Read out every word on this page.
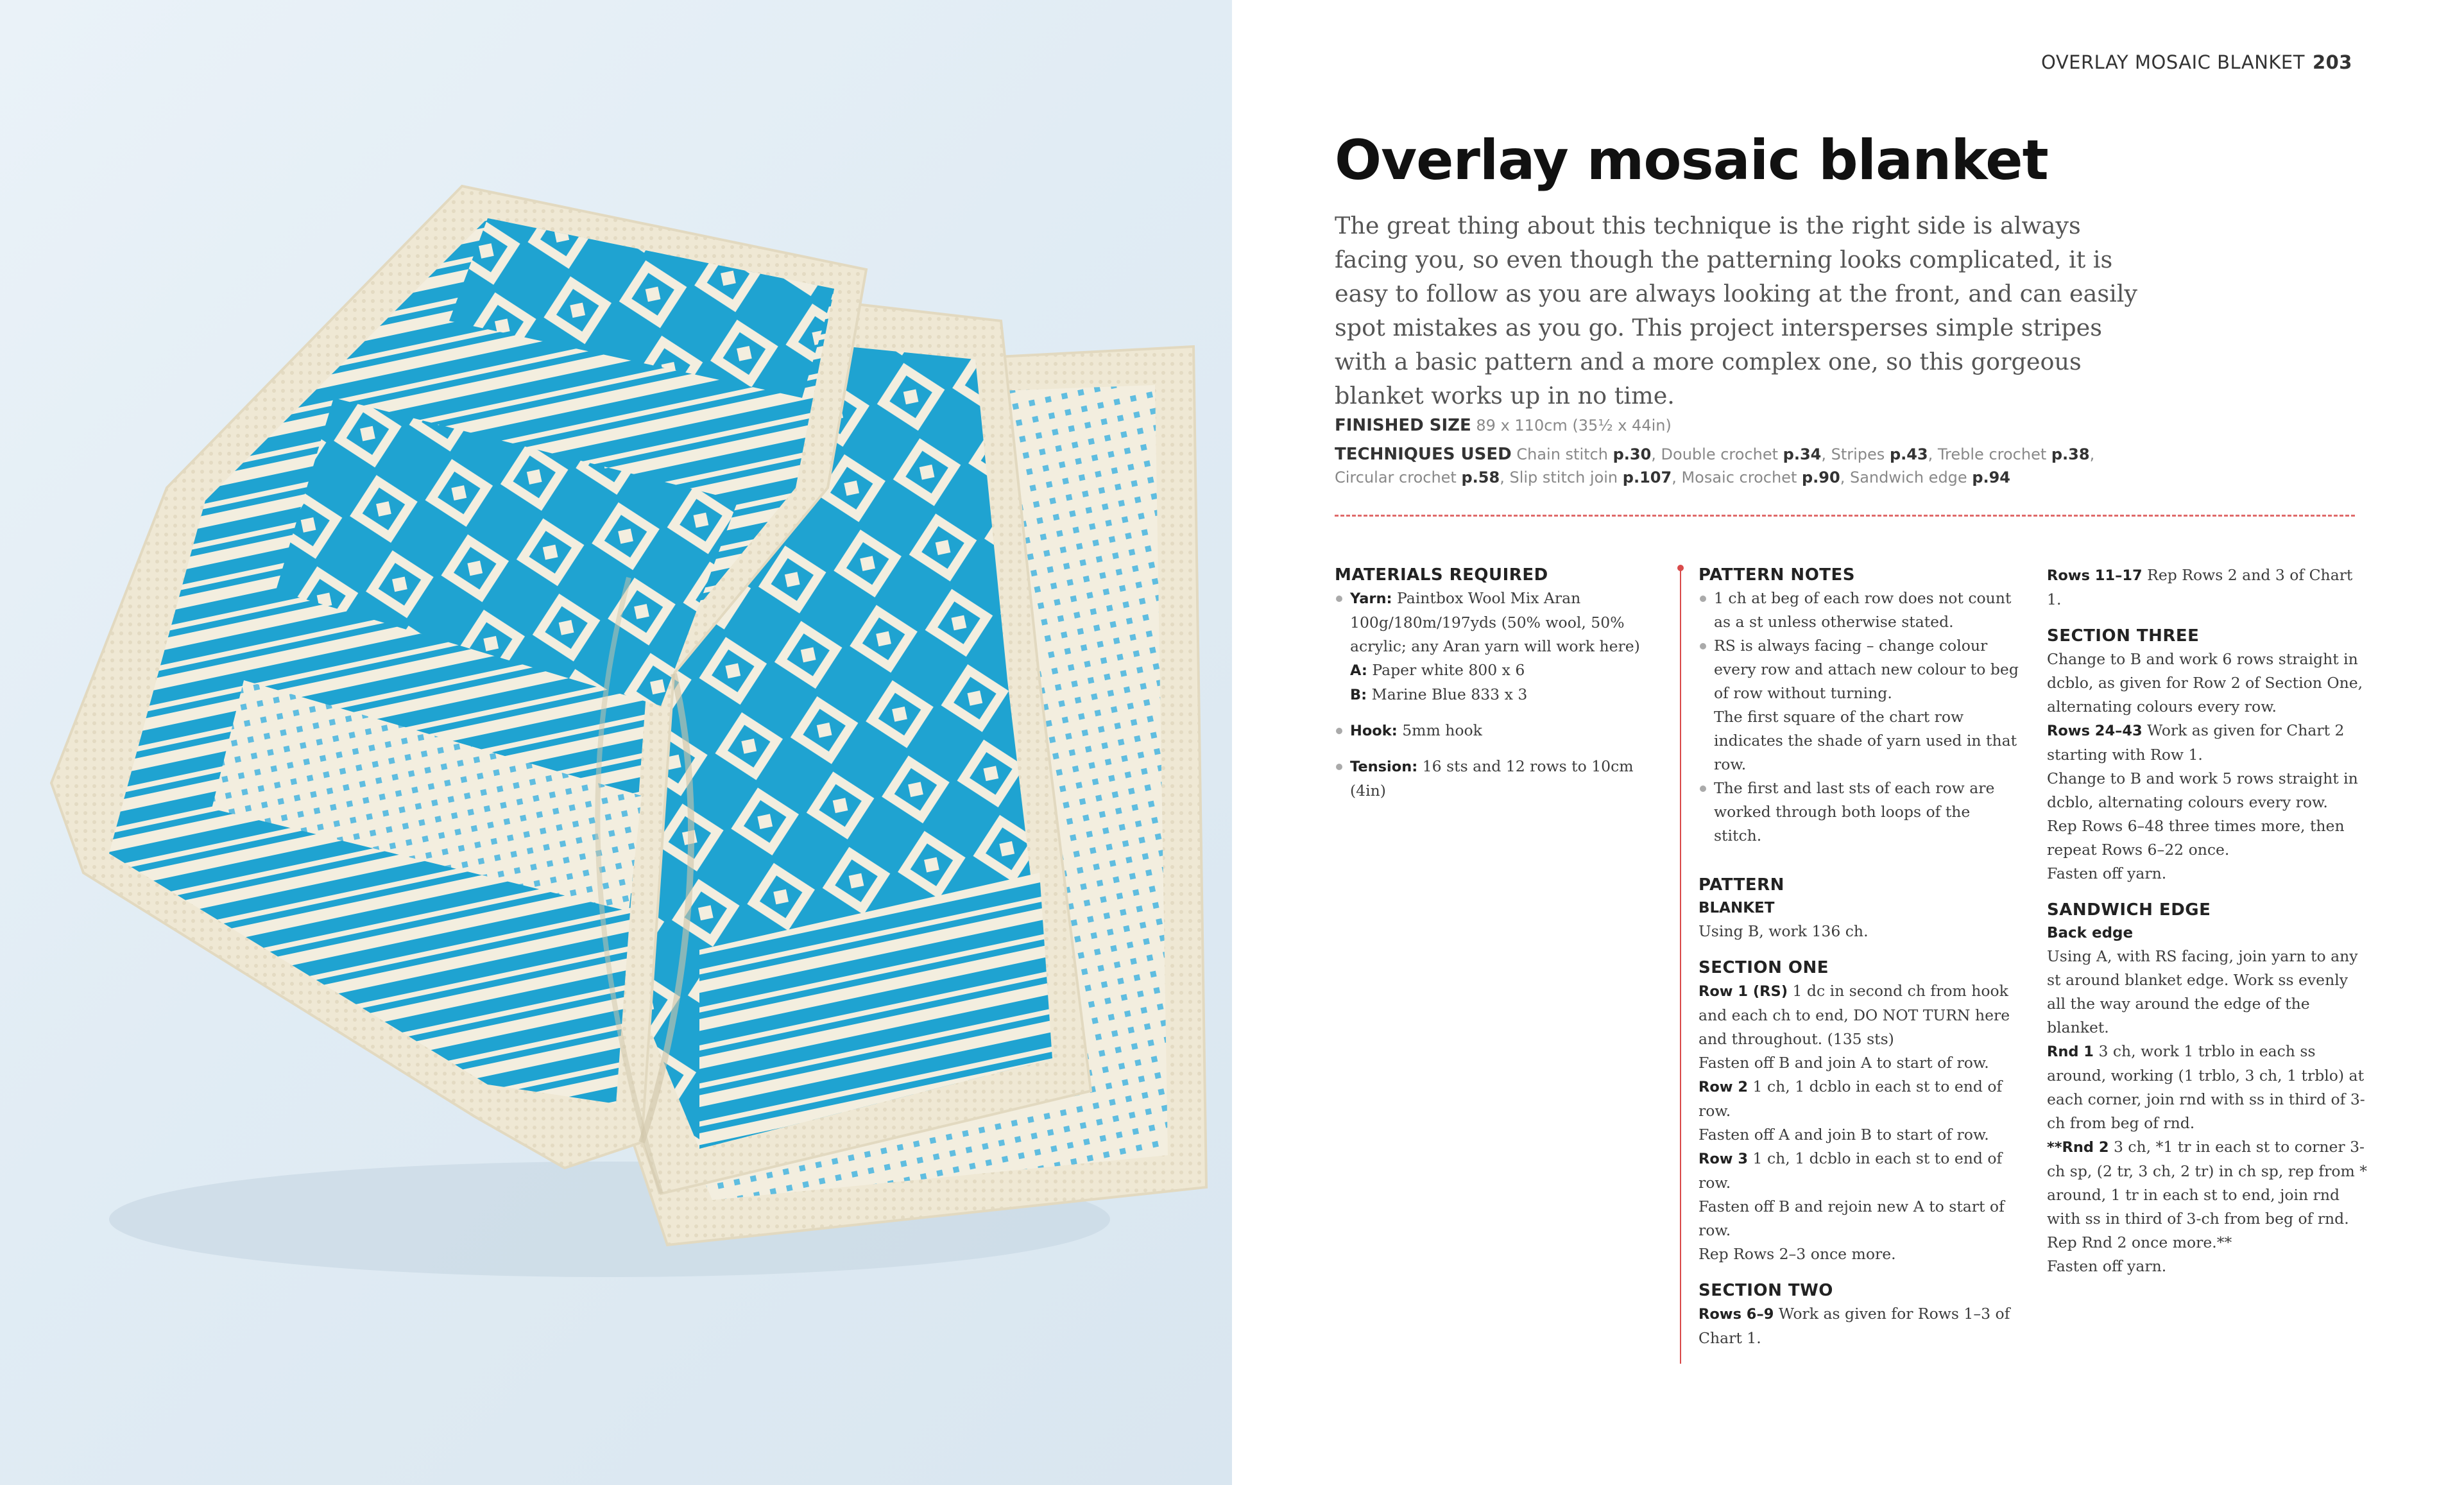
OVERLAY MOSAIC BLANKET 203
Overlay mosaic blanket

The great thing about this technique is the right side is always facing you, so even though the patterning looks complicated, it is easy to follow as you are always looking at the front, and can easily spot mistakes as you go. This project intersperses simple stripes with a basic pattern and a more complex one, so this gorgeous blanket works up in no time.

FINISHED SIZE 89 x 110cm (35½ x 44in)
TECHNIQUES USED Chain stitch p.30, Double crochet p.34, Stripes p.43, Treble crochet p.38, Circular crochet p.58, Slip stitch join p.107, Mosaic crochet p.90, Sandwich edge p.94
MATERIALS REQUIRED
Yarn: Paintbox Wool Mix Aran 100g/180m/197yds (50% wool, 50% acrylic; any Aran yarn will work here)
A: Paper white 800 x 6
B: Marine Blue 833 x 3
Hook: 5mm hook
Tension: 16 sts and 12 rows to 10cm (4in)
PATTERN NOTES
1 ch at beg of each row does not count as a st unless otherwise stated.
RS is always facing – change colour every row and attach new colour to beg of row without turning.
The first square of the chart row indicates the shade of yarn used in that row.
The first and last sts of each row are worked through both loops of the stitch.
PATTERN
BLANKET

Using B, work 136 ch.

SECTION ONE

Row 1 (RS) 1 dc in second ch from hook and each ch to end, DO NOT TURN here and throughout. (135 sts)

Fasten off B and join A to start of row.

Row 2 1 ch, 1 dcblo in each st to end of row.

Fasten off A and join B to start of row.

Row 3 1 ch, 1 dcblo in each st to end of row.

Fasten off B and rejoin new A to start of row.

Rep Rows 2–3 once more.

SECTION TWO

Rows 6–9 Work as given for Rows 1–3 of Chart 1.

Rows 11–17 Rep Rows 2 and 3 of Chart 1.

SECTION THREE

Change to B and work 6 rows straight in dcblo, as given for Row 2 of Section One, alternating colours every row.

Rows 24–43 Work as given for Chart 2 starting with Row 1.

Change to B and work 5 rows straight in dcblo, alternating colours every row.

Rep Rows 6–48 three times more, then repeat Rows 6–22 once.

Fasten off yarn.

SANDWICH EDGE
Back edge

Using A, with RS facing, join yarn to any st around blanket edge. Work ss evenly all the way around the edge of the blanket.

Rnd 1 3 ch, work 1 trblo in each ss around, working (1 trblo, 3 ch, 1 trblo) at each corner, join rnd with ss in third of 3-ch from beg of rnd.

**Rnd 2 3 ch, *1 tr in each st to corner 3-ch sp, (2 tr, 3 ch, 2 tr) in ch sp, rep from * around, 1 tr in each st to end, join rnd with ss in third of 3-ch from beg of rnd.

Rep Rnd 2 once more.**

Fasten off yarn.
